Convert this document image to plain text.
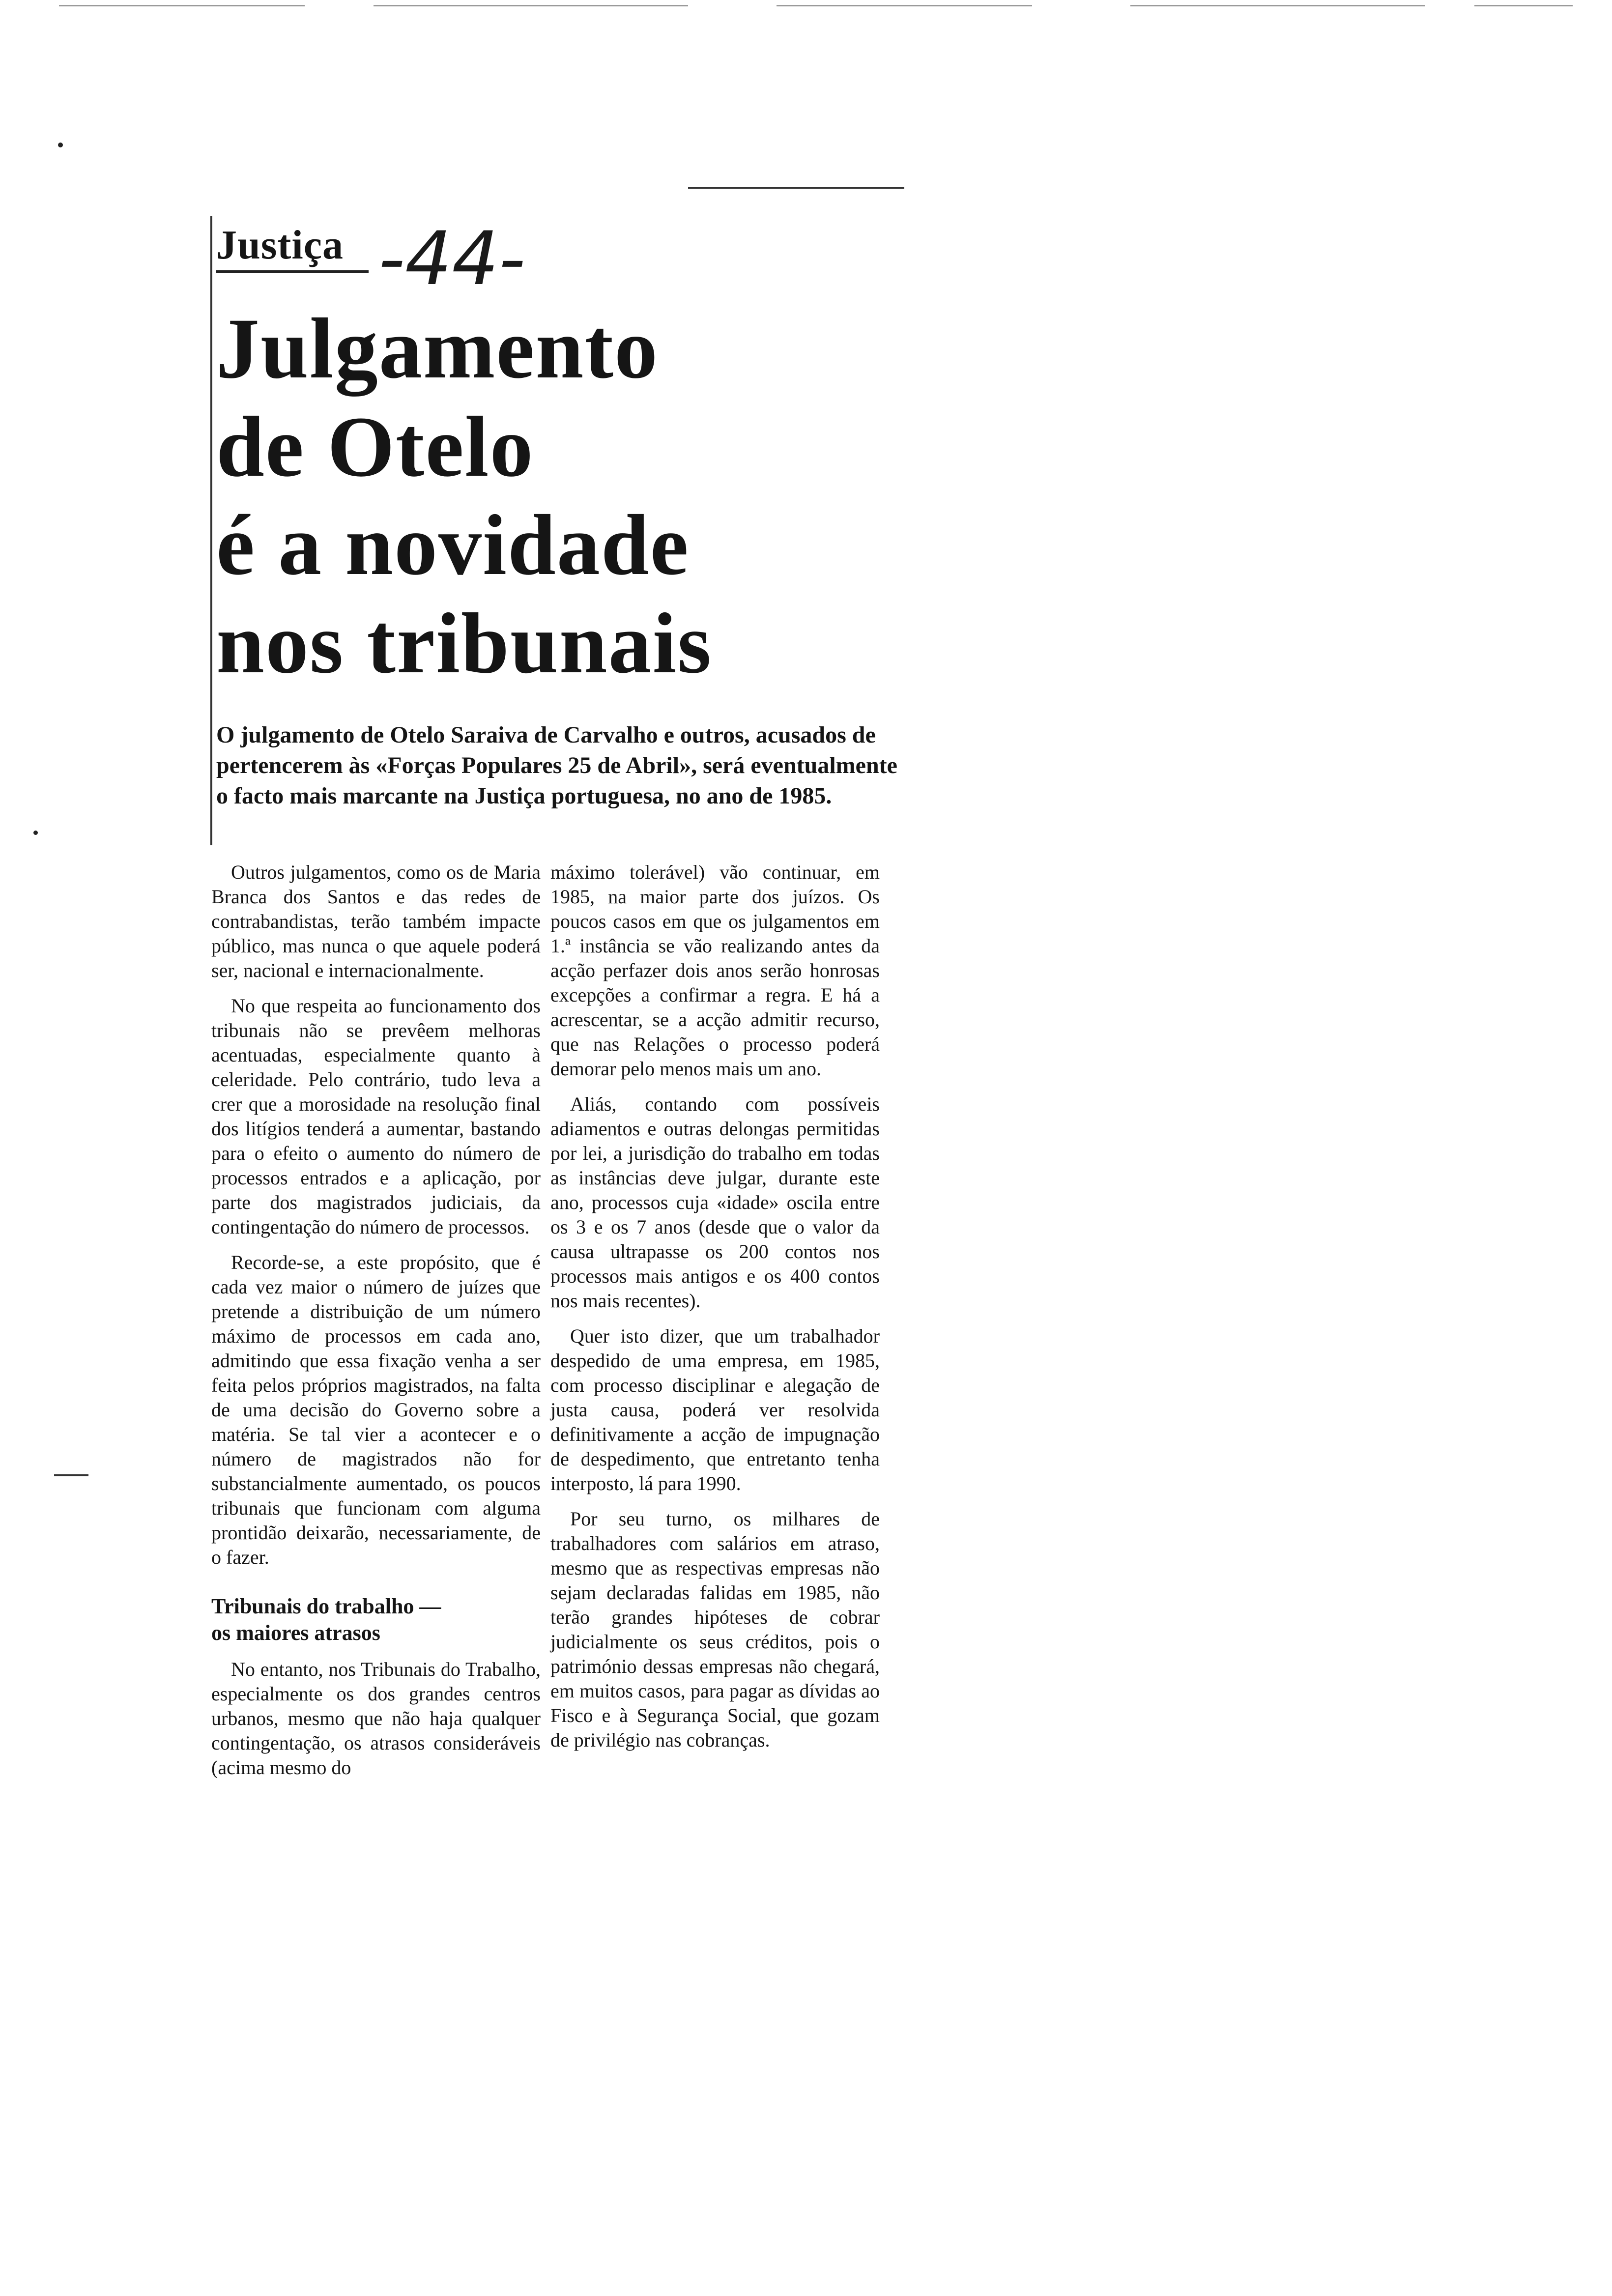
Justiça -44-
Julgamento
de Otelo
é a novidade
nos tribunais

O julgamento de Otelo Saraiva de Carvalho e outros, acusados de pertencerem às «Forças Populares 25 de Abril», será eventualmente o facto mais marcante na Justiça portuguesa, no ano de 1985.

Outros julgamentos, como os de Maria Branca dos Santos e das redes de contrabandistas, terão também impacte público, mas nunca o que aquele poderá ser, nacional e internacionalmente.

No que respeita ao funcionamento dos tribunais não se prevêem melhoras acentuadas, especialmente quanto à celeridade. Pelo contrário, tudo leva a crer que a morosidade na resolução final dos litígios tenderá a aumentar, bastando para o efeito o aumento do número de processos entrados e a aplicação, por parte dos magistrados judiciais, da contingentação do número de processos.

Recorde-se, a este propósito, que é cada vez maior o número de juízes que pretende a distribuição de um número máximo de processos em cada ano, admitindo que essa fixação venha a ser feita pelos próprios magistrados, na falta de uma decisão do Governo sobre a matéria. Se tal vier a acontecer e o número de magistrados não for substancialmente aumentado, os poucos tribunais que funcionam com alguma prontidão deixarão, necessariamente, de o fazer.

Tribunais do trabalho —
os maiores atrasos

No entanto, nos Tribunais do Trabalho, especialmente os dos grandes centros urbanos, mesmo que não haja qualquer contingentação, os atrasos consideráveis (acima mesmo do

máximo tolerável) vão continuar, em 1985, na maior parte dos juízos. Os poucos casos em que os julgamentos em 1.ª instância se vão realizando antes da acção perfazer dois anos serão honrosas excepções a confirmar a regra. E há a acrescentar, se a acção admitir recurso, que nas Relações o processo poderá demorar pelo menos mais um ano.

Aliás, contando com possíveis adiamentos e outras delongas permitidas por lei, a jurisdição do trabalho em todas as instâncias deve julgar, durante este ano, processos cuja «idade» oscila entre os 3 e os 7 anos (desde que o valor da causa ultrapasse os 200 contos nos processos mais antigos e os 400 contos nos mais recentes).

Quer isto dizer, que um trabalhador despedido de uma empresa, em 1985, com processo disciplinar e alegação de justa causa, poderá ver resolvida definitivamente a acção de impugnação de despedimento, que entretanto tenha interposto, lá para 1990.

Por seu turno, os milhares de trabalhadores com salários em atraso, mesmo que as respectivas empresas não sejam declaradas falidas em 1985, não terão grandes hipóteses de cobrar judicialmente os seus créditos, pois o património dessas empresas não chegará, em muitos casos, para pagar as dívidas ao Fisco e à Segurança Social, que gozam de privilégio nas cobranças.
